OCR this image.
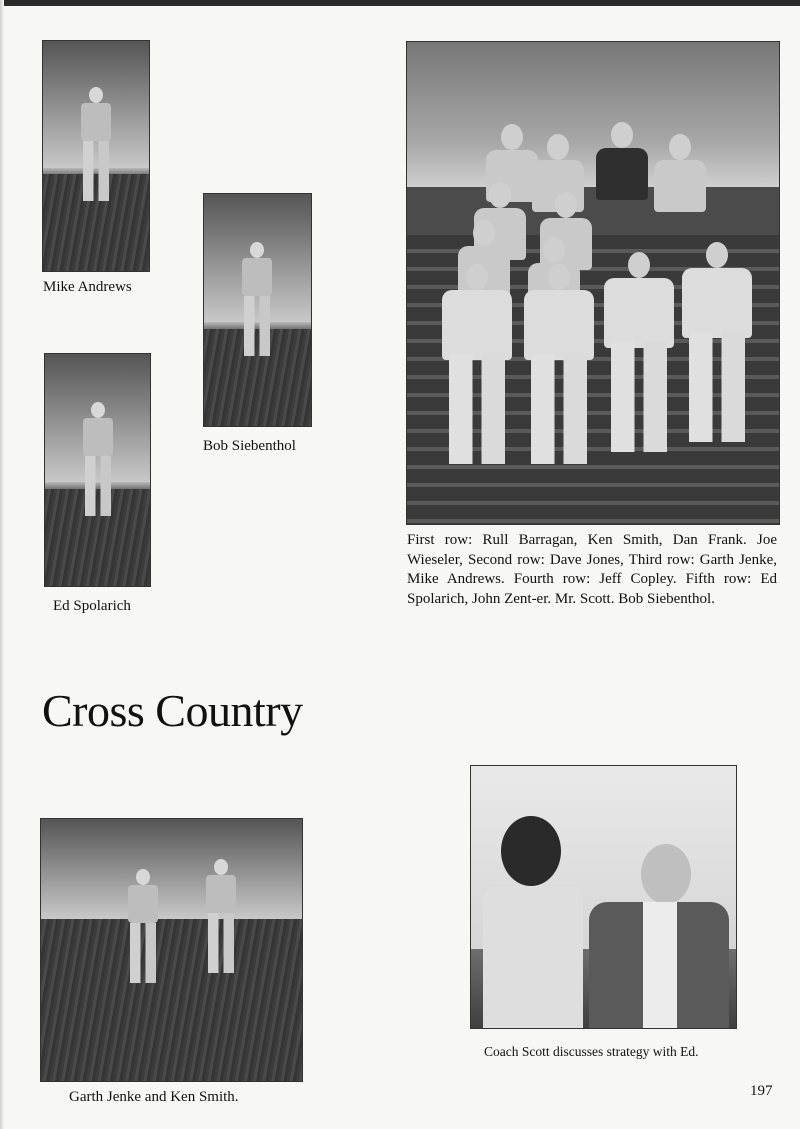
Mike Andrews
Bob Siebenthol
Ed Spolarich
First row: Rull Barragan, Ken Smith, Dan Frank. Joe Wieseler, Second row: Dave Jones, Third row: Garth Jenke, Mike Andrews. Fourth row: Jeff Copley. Fifth row: Ed Spolarich, John Zent-er. Mr. Scott. Bob Siebenthol.
Cross Country
Garth Jenke and Ken Smith.
Coach Scott discusses strategy with Ed.
197
